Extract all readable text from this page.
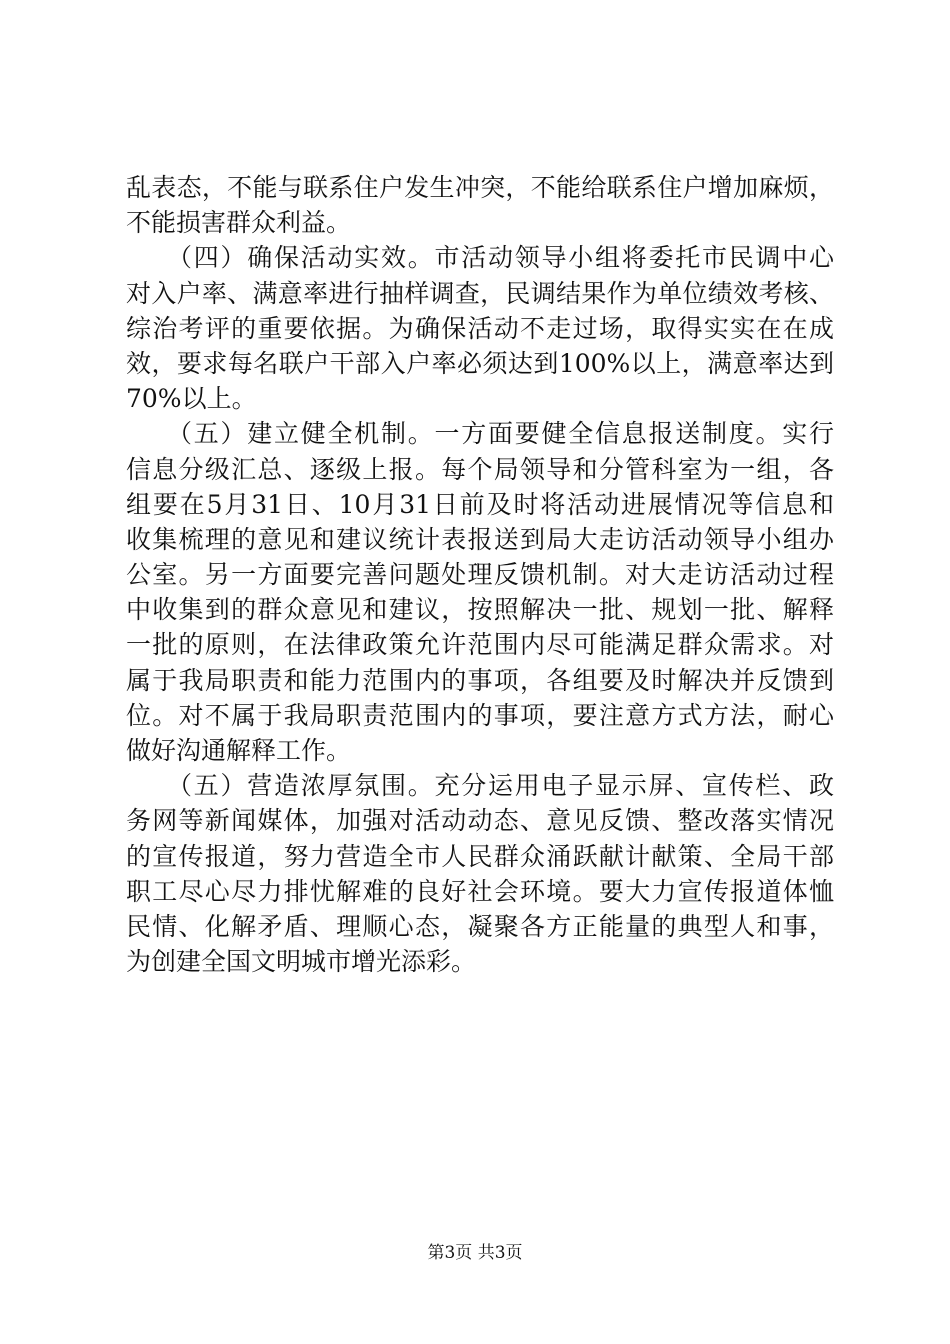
乱表态，不能与联系住户发生冲突，不能给联系住户增加麻烦，
不能损害群众利益。
　　（四）确保活动实效。市活动领导小组将委托市民调中心
对入户率、满意率进行抽样调查，民调结果作为单位绩效考核、
综治考评的重要依据。为确保活动不走过场，取得实实在在成
效，要求每名联户干部入户率必须达到100%以上，满意率达到
70%以上。
　　（五）建立健全机制。一方面要健全信息报送制度。实行
信息分级汇总、逐级上报。每个局领导和分管科室为一组，各
组要在5月31日、10月31日前及时将活动进展情况等信息和
收集梳理的意见和建议统计表报送到局大走访活动领导小组办
公室。另一方面要完善问题处理反馈机制。对大走访活动过程
中收集到的群众意见和建议，按照解决一批、规划一批、解释
一批的原则，在法律政策允许范围内尽可能满足群众需求。对
属于我局职责和能力范围内的事项，各组要及时解决并反馈到
位。对不属于我局职责范围内的事项，要注意方式方法，耐心
做好沟通解释工作。
　　（五）营造浓厚氛围。充分运用电子显示屏、宣传栏、政
务网等新闻媒体，加强对活动动态、意见反馈、整改落实情况
的宣传报道，努力营造全市人民群众涌跃献计献策、全局干部
职工尽心尽力排忧解难的良好社会环境。要大力宣传报道体恤
民情、化解矛盾、理顺心态，凝聚各方正能量的典型人和事，
为创建全国文明城市增光添彩。
第3页 共3页
